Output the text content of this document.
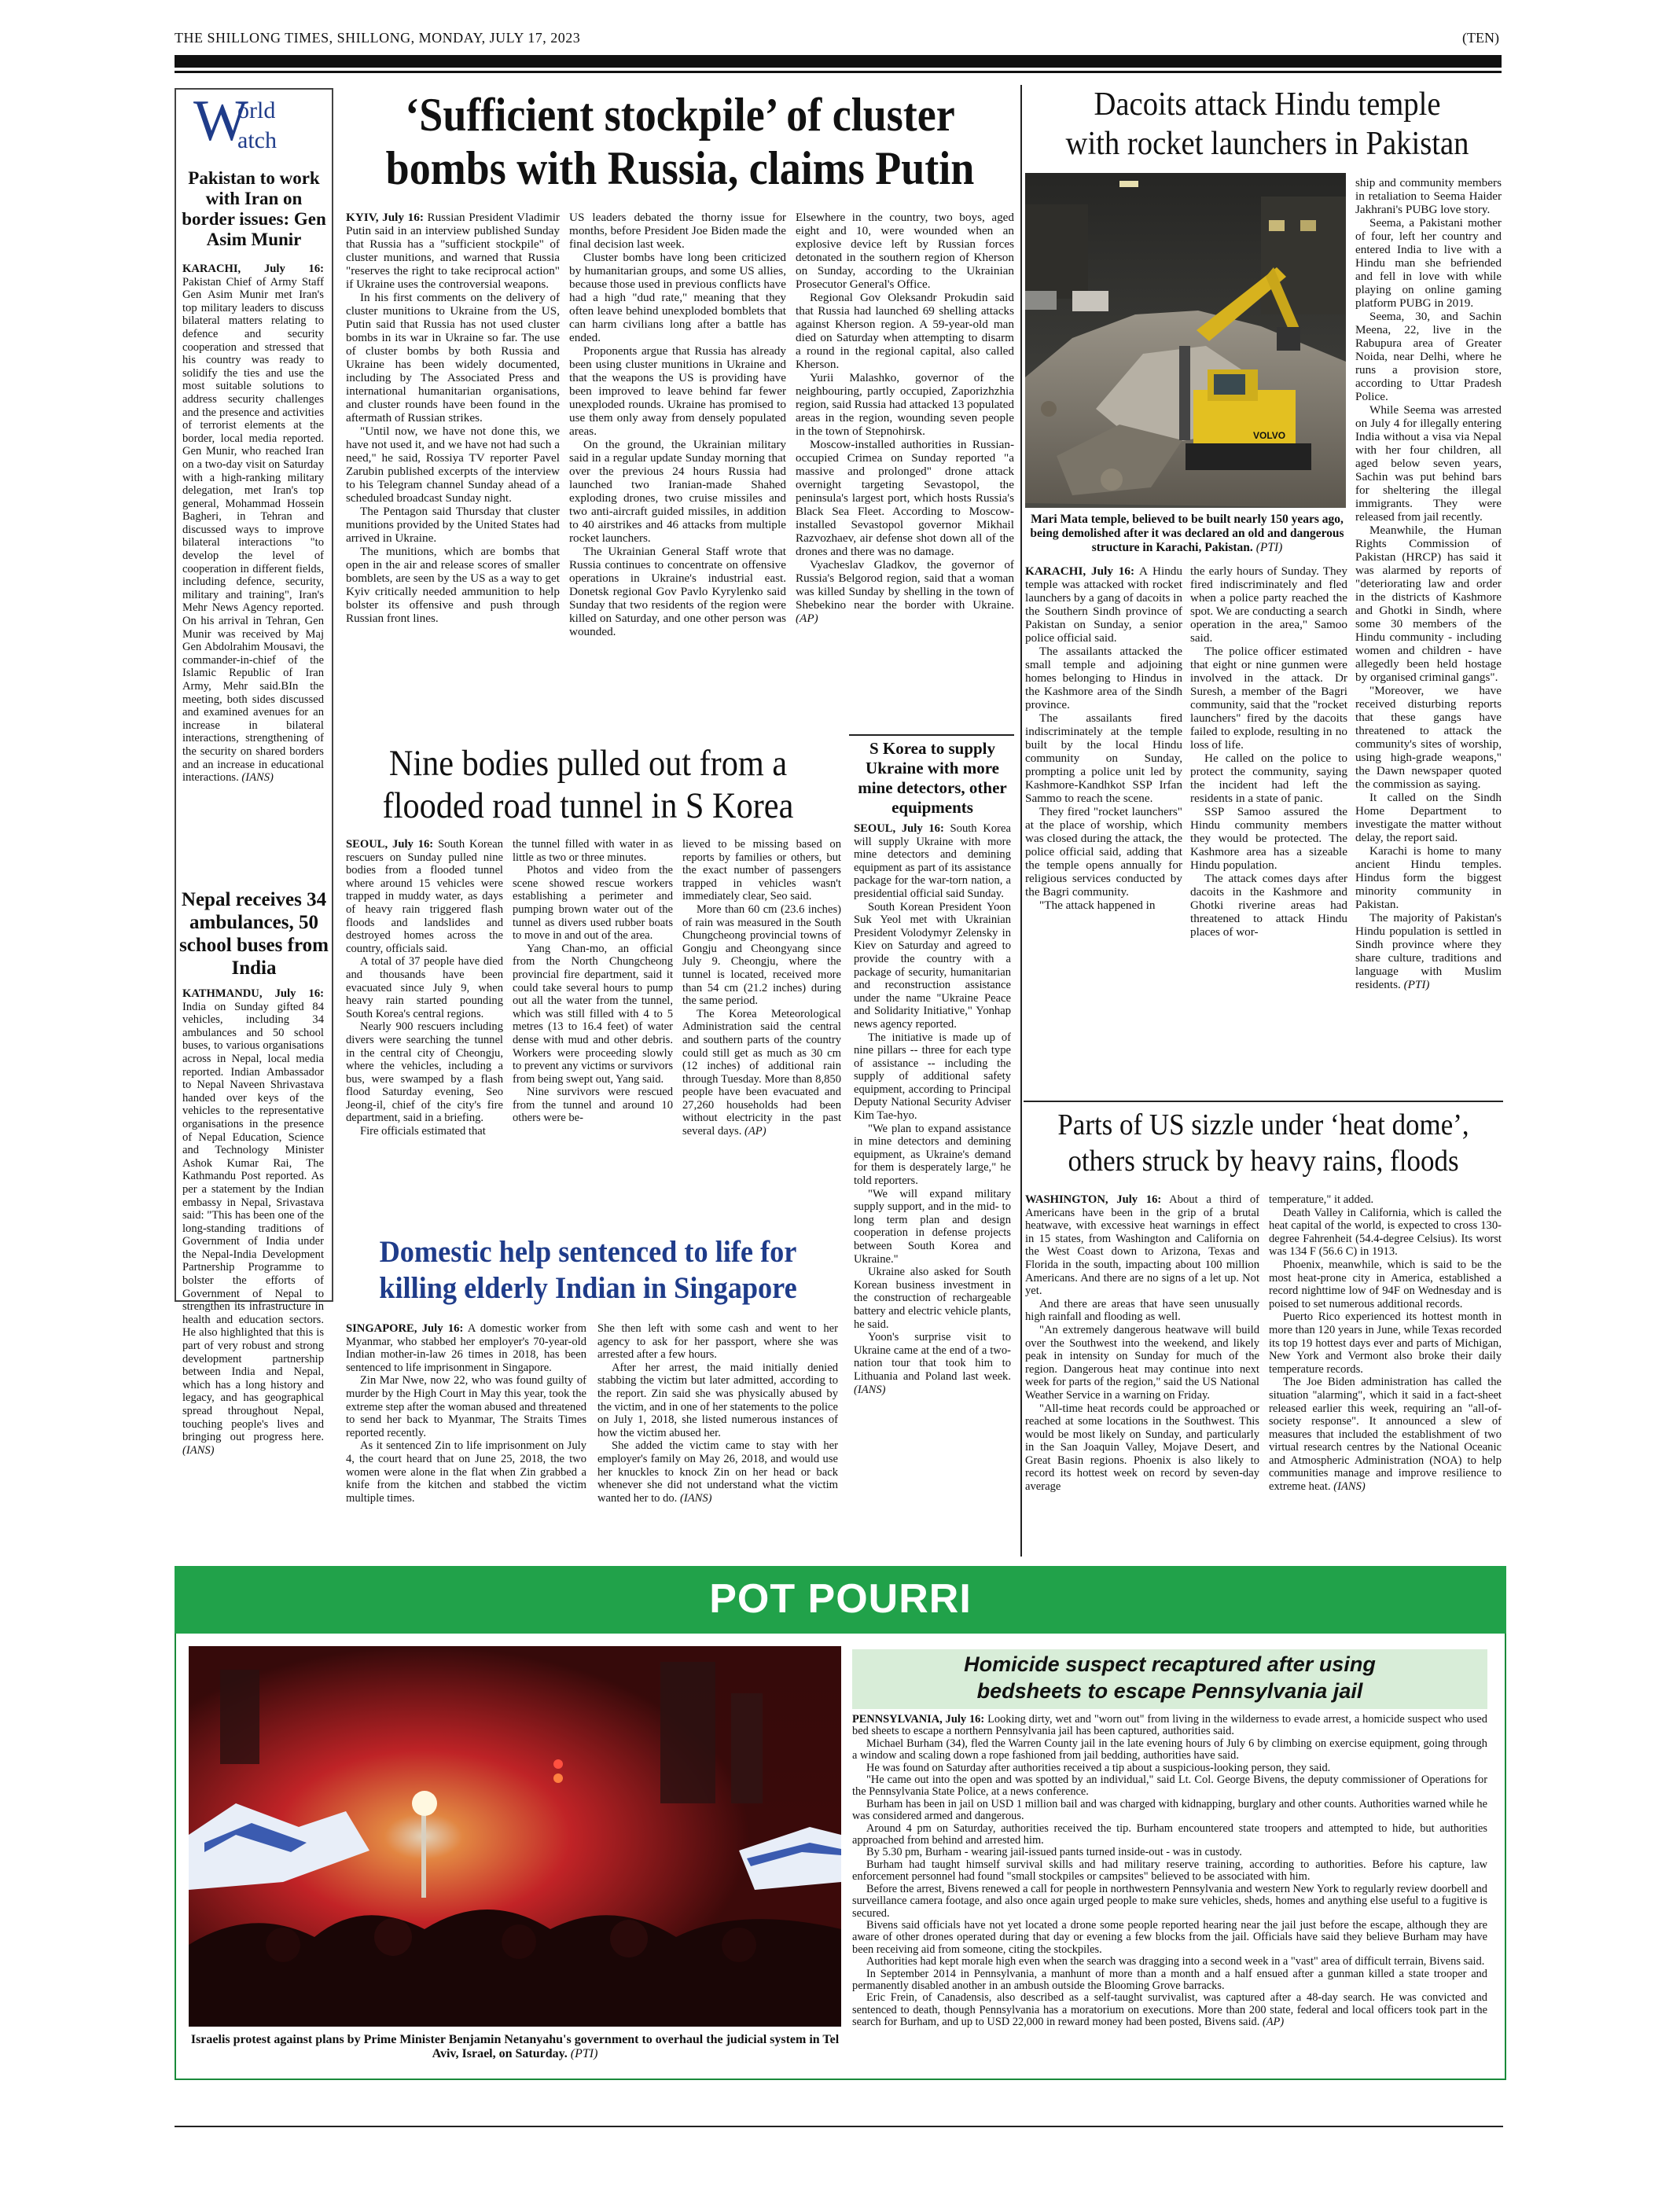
THE SHILLONG TIMES, SHILLONG, MONDAY, JULY 17, 2023	(TEN)
W
orld
atch
Pakistan to work with Iran on border issues: Gen Asim Munir

KARACHI, July 16: Pakistan Chief of Army Staff Gen Asim Munir met Iran's top military leaders to discuss bilateral matters relating to defence and security cooperation and stressed that his country was ready to solidify the ties and use the most suitable solutions to address security challenges and the presence and activities of terrorist elements at the border, local media reported. Gen Munir, who reached Iran on a two-day visit on Saturday with a high-ranking military delegation, met Iran's top general, Mohammad Hossein Bagheri, in Tehran and discussed ways to improve bilateral interactions "to develop the level of cooperation in different fields, including defence, security, military and training", Iran's Mehr News Agency reported. On his arrival in Tehran, Gen Munir was received by Maj Gen Abdolrahim Mousavi, the commander-in-chief of the Islamic Republic of Iran Army, Mehr said.BIn the meeting, both sides discussed and examined avenues for an increase in bilateral interactions, strengthening of the security on shared borders and an increase in educational interactions. (IANS)

Nepal receives 34 ambulances, 50 school buses from India

KATHMANDU, July 16: India on Sunday gifted 84 vehicles, including 34 ambulances and 50 school buses, to various organisations across in Nepal, local media reported. Indian Ambassador to Nepal Naveen Shrivastava handed over keys of the vehicles to the representative organisations in the presence of Nepal Education, Science and Technology Minister Ashok Kumar Rai, The Kathmandu Post reported. As per a statement by the Indian embassy in Nepal, Srivastava said: "This has been one of the long-standing traditions of Government of India under the Nepal-India Development Partnership Programme to bolster the efforts of Government of Nepal to strengthen its infrastructure in health and education sectors. He also highlighted that this is part of very robust and strong development partnership between India and Nepal, which has a long history and legacy, and has geographical spread throughout Nepal, touching people's lives and bringing out progress here. (IANS)

‘Sufficient stockpile’ of cluster
bombs with Russia, claims Putin

KYIV, July 16: Russian President Vladimir Putin said in an interview published Sunday that Russia has a "sufficient stockpile" of cluster munitions, and warned that Russia "reserves the right to take reciprocal action" if Ukraine uses the controversial weapons.

In his first comments on the delivery of cluster munitions to Ukraine from the US, Putin said that Russia has not used cluster bombs in its war in Ukraine so far. The use of cluster bombs by both Russia and Ukraine has been widely documented, including by The Associated Press and international humanitarian organisations, and cluster rounds have been found in the aftermath of Russian strikes.

"Until now, we have not done this, we have not used it, and we have not had such a need," he said, Rossiya TV reporter Pavel Zarubin published excerpts of the interview to his Telegram channel Sunday ahead of a scheduled broadcast Sunday night.

The Pentagon said Thursday that cluster munitions provided by the United States had arrived in Ukraine.

The munitions, which are bombs that open in the air and release scores of smaller bomblets, are seen by the US as a way to get Kyiv critically needed ammunition to help bolster its offensive and push through Russian front lines.

US leaders debated the thorny issue for months, before President Joe Biden made the final decision last week.

Cluster bombs have long been criticized by humanitarian groups, and some US allies, because those used in previous conflicts have had a high "dud rate," meaning that they often leave behind unexploded bomblets that can harm civilians long after a battle has ended.

Proponents argue that Russia has already been using cluster munitions in Ukraine and that the weapons the US is providing have been improved to leave behind far fewer unexploded rounds. Ukraine has promised to use them only away from densely populated areas.

On the ground, the Ukrainian military said in a regular update Sunday morning that over the previous 24 hours Russia had launched two Iranian-made Shahed exploding drones, two cruise missiles and two anti-aircraft guided missiles, in addition to 40 airstrikes and 46 attacks from multiple rocket launchers.

The Ukrainian General Staff wrote that Russia continues to concentrate on offensive operations in Ukraine's industrial east. Donetsk regional Gov Pavlo Kyrylenko said Sunday that two residents of the region were killed on Saturday, and one other person was wounded.

Elsewhere in the country, two boys, aged eight and 10, were wounded when an explosive device left by Russian forces detonated in the southern region of Kherson on Sunday, according to the Ukrainian Prosecutor General's Office.

Regional Gov Oleksandr Prokudin said that Russia had launched 69 shelling attacks against Kherson region. A 59-year-old man died on Saturday when attempting to disarm a round in the regional capital, also called Kherson.

Yurii Malashko, governor of the neighbouring, partly occupied, Zaporizhzhia region, said Russia had attacked 13 populated areas in the region, wounding seven people in the town of Stepnohirsk.

Moscow-installed authorities in Russian-occupied Crimea on Sunday reported "a massive and prolonged" drone attack overnight targeting Sevastopol, the peninsula's largest port, which hosts Russia's Black Sea Fleet. According to Moscow-installed Sevastopol governor Mikhail Razvozhaev, air defense shot down all of the drones and there was no damage.

Vyacheslav Gladkov, the governor of Russia's Belgorod region, said that a woman was killed Sunday by shelling in the town of Shebekino near the border with Ukraine. (AP)

Nine bodies pulled out from a
flooded road tunnel in S Korea

SEOUL, July 16: South Korean rescuers on Sunday pulled nine bodies from a flooded tunnel where around 15 vehicles were trapped in muddy water, as days of heavy rain triggered flash floods and landslides and destroyed homes across the country, officials said.

A total of 37 people have died and thousands have been evacuated since July 9, when heavy rain started pounding South Korea's central regions.

Nearly 900 rescuers including divers were searching the tunnel in the central city of Cheongju, where the vehicles, including a bus, were swamped by a flash flood Saturday evening, Seo Jeong-il, chief of the city's fire department, said in a briefing.

Fire officials estimated that

the tunnel filled with water in as little as two or three minutes.

Photos and video from the scene showed rescue workers establishing a perimeter and pumping brown water out of the tunnel as divers used rubber boats to move in and out of the area.

Yang Chan-mo, an official from the North Chungcheong provincial fire department, said it could take several hours to pump out all the water from the tunnel, which was still filled with 4 to 5 metres (13 to 16.4 feet) of water dense with mud and other debris. Workers were proceeding slowly to prevent any victims or survivors from being swept out, Yang said.

Nine survivors were rescued from the tunnel and around 10 others were be-

lieved to be missing based on reports by families or others, but the exact number of passengers trapped in vehicles wasn't immediately clear, Seo said.

More than 60 cm (23.6 inches) of rain was measured in the South Chungcheong provincial towns of Gongju and Cheongyang since July 9. Cheongju, where the tunnel is located, received more than 54 cm (21.2 inches) during the same period.

The Korea Meteorological Administration said the central and southern parts of the country could still get as much as 30 cm (12 inches) of additional rain through Tuesday. More than 8,850 people have been evacuated and 27,260 households had been without electricity in the past several days. (AP)

Domestic help sentenced to life for
killing elderly Indian in Singapore

SINGAPORE, July 16: A domestic worker from Myanmar, who stabbed her employer's 70-year-old Indian mother-in-law 26 times in 2018, has been sentenced to life imprisonment in Singapore.

Zin Mar Nwe, now 22, who was found guilty of murder by the High Court in May this year, took the extreme step after the woman abused and threatened to send her back to Myanmar, The Straits Times reported recently.

As it sentenced Zin to life imprisonment on July 4, the court heard that on June 25, 2018, the two women were alone in the flat when Zin grabbed a knife from the kitchen and stabbed the victim multiple times.

She then left with some cash and went to her agency to ask for her passport, where she was arrested after a few hours.

After her arrest, the maid initially denied stabbing the victim but later admitted, according to the report. Zin said she was physically abused by the victim, and in one of her statements to the police on July 1, 2018, she listed numerous instances of how the victim abused her.

She added the victim came to stay with her employer's family on May 26, 2018, and would use her knuckles to knock Zin on her head or back whenever she did not understand what the victim wanted her to do. (IANS)

S Korea to supply Ukraine with more mine detectors, other equipments

SEOUL, July 16: South Korea will supply Ukraine with more mine detectors and demining equipment as part of its assistance package for the war-torn nation, a presidential official said Sunday.

South Korean President Yoon Suk Yeol met with Ukrainian President Volodymyr Zelensky in Kiev on Saturday and agreed to provide the country with a package of security, humanitarian and reconstruction assistance under the name "Ukraine Peace and Solidarity Initiative," Yonhap news agency reported.

The initiative is made up of nine pillars -- three for each type of assistance -- including the supply of additional safety equipment, according to Principal Deputy National Security Adviser Kim Tae-hyo.

"We plan to expand assistance in mine detectors and demining equipment, as Ukraine's demand for them is desperately large," he told reporters.

"We will expand military supply support, and in the mid- to long term plan and design cooperation in defense projects between South Korea and Ukraine."

Ukraine also asked for South Korean business investment in the construction of rechargeable battery and electric vehicle plants, he said.

Yoon's surprise visit to Ukraine came at the end of a two-nation tour that took him to Lithuania and Poland last week. (IANS)

Dacoits attack Hindu temple
with rocket launchers in Pakistan
VOLVO
Mari Mata temple, believed to be built nearly 150 years ago, being demolished after it was declared an old and dangerous structure in Karachi, Pakistan. (PTI)

KARACHI, July 16: A Hindu temple was attacked with rocket launchers by a gang of dacoits in the Southern Sindh province of Pakistan on Sunday, a senior police official said.

The assailants attacked the small temple and adjoining homes belonging to Hindus in the Kashmore area of the Sindh province.

The assailants fired indiscriminately at the temple built by the local Hindu community on Sunday, prompting a police unit led by Kashmore-Kandhkot SSP Irfan Sammo to reach the scene.

They fired "rocket launchers" at the place of worship, which was closed during the attack, the police official said, adding that the temple opens annually for religious services conducted by the Bagri community.

"The attack happened in

the early hours of Sunday. They fired indiscriminately and fled when a police party reached the spot. We are conducting a search operation in the area," Samoo said.

The police officer estimated that eight or nine gunmen were involved in the attack. Dr Suresh, a member of the Bagri community, said that the "rocket launchers" fired by the dacoits failed to explode, resulting in no loss of life.

He called on the police to protect the community, saying the incident had left the residents in a state of panic.

SSP Samoo assured the Hindu community members they would be protected. The Kashmore area has a sizeable Hindu population.

The attack comes days after dacoits in the Kashmore and Ghotki riverine areas had threatened to attack Hindu places of wor-

ship and community members in retaliation to Seema Haider Jakhrani's PUBG love story.

Seema, a Pakistani mother of four, left her country and entered India to live with a Hindu man she befriended and fell in love with while playing on online gaming platform PUBG in 2019.

Seema, 30, and Sachin Meena, 22, live in the Rabupura area of Greater Noida, near Delhi, where he runs a provision store, according to Uttar Pradesh Police.

While Seema was arrested on July 4 for illegally entering India without a visa via Nepal with her four children, all aged below seven years, Sachin was put behind bars for sheltering the illegal immigrants. They were released from jail recently.

Meanwhile, the Human Rights Commission of Pakistan (HRCP) has said it was alarmed by reports of "deteriorating law and order in the districts of Kashmore and Ghotki in Sindh, where some 30 members of the Hindu community - including women and children - have allegedly been held hostage by organised criminal gangs".

"Moreover, we have received disturbing reports that these gangs have threatened to attack the community's sites of worship, using high-grade weapons," the Dawn newspaper quoted the commission as saying.

It called on the Sindh Home Department to investigate the matter without delay, the report said.

Karachi is home to many ancient Hindu temples. Hindus form the biggest minority community in Pakistan.

The majority of Pakistan's Hindu population is settled in Sindh province where they share culture, traditions and language with Muslim residents. (PTI)

Parts of US sizzle under ‘heat dome’,
others struck by heavy rains, floods

WASHINGTON, July 16: About a third of Americans have been in the grip of a brutal heatwave, with excessive heat warnings in effect in 15 states, from Washington and California on the West Coast down to Arizona, Texas and Florida in the south, impacting about 100 million Americans. And there are no signs of a let up. Not yet.

And there are areas that have seen unusually high rainfall and flooding as well.

"An extremely dangerous heatwave will build over the Southwest into the weekend, and likely peak in intensity on Sunday for much of the region. Dangerous heat may continue into next week for parts of the region," said the US National Weather Service in a warning on Friday.

"All-time heat records could be approached or reached at some locations in the Southwest. This would be most likely on Sunday, and particularly in the San Joaquin Valley, Mojave Desert, and Great Basin regions. Phoenix is also likely to record its hottest week on record by seven-day average

temperature," it added.

Death Valley in California, which is called the heat capital of the world, is expected to cross 130-degree Fahrenheit (54.4-degree Celsius). Its worst was 134 F (56.6 C) in 1913.

Phoenix, meanwhile, which is said to be the most heat-prone city in America, established a record nighttime low of 94F on Wednesday and is poised to set numerous additional records.

Puerto Rico experienced its hottest month in more than 120 years in June, while Texas recorded its top 19 hottest days ever and parts of Michigan, New York and Vermont also broke their daily temperature records.

The Joe Biden administration has called the situation "alarming", which it said in a fact-sheet released earlier this week, requiring an "all-of-society response". It announced a slew of measures that included the establishment of two virtual research centres by the National Oceanic and Atmospheric Administration (NOA) to help communities manage and improve resilience to extreme heat. (IANS)

POT POURRI
Israelis protest against plans by Prime Minister Benjamin Netanyahu's government to overhaul the judicial system in Tel Aviv, Israel, on Saturday. (PTI)
Homicide suspect recaptured after using
bedsheets to escape Pennsylvania jail

PENNSYLVANIA, July 16: Looking dirty, wet and "worn out" from living in the wilderness to evade arrest, a homicide suspect who used bed sheets to escape a northern Pennsylvania jail has been captured, authorities said.

Michael Burham (34), fled the Warren County jail in the late evening hours of July 6 by climbing on exercise equipment, going through a window and scaling down a rope fashioned from jail bedding, authorities have said.

He was found on Saturday after authorities received a tip about a suspicious-looking person, they said.

"He came out into the open and was spotted by an individual," said Lt. Col. George Bivens, the deputy commissioner of Operations for the Pennsylvania State Police, at a news conference.

Burham has been in jail on USD 1 million bail and was charged with kidnapping, burglary and other counts. Authorities warned while he was considered armed and dangerous.

Around 4 pm on Saturday, authorities received the tip. Burham encountered state troopers and attempted to hide, but authorities approached from behind and arrested him.

By 5.30 pm, Burham - wearing jail-issued pants turned inside-out - was in custody.

Burham had taught himself survival skills and had military reserve training, according to authorities. Before his capture, law enforcement personnel had found "small stockpiles or campsites" believed to be associated with him.

Before the arrest, Bivens renewed a call for people in northwestern Pennsylvania and western New York to regularly review doorbell and surveillance camera footage, and also once again urged people to make sure vehicles, sheds, homes and anything else useful to a fugitive is secured.

Bivens said officials have not yet located a drone some people reported hearing near the jail just before the escape, although they are aware of other drones operated during that day or evening a few blocks from the jail. Officials have said they believe Burham may have been receiving aid from someone, citing the stockpiles.

Authorities had kept morale high even when the search was dragging into a second week in a "vast" area of difficult terrain, Bivens said.

In September 2014 in Pennsylvania, a manhunt of more than a month and a half ensued after a gunman killed a state trooper and permanently disabled another in an ambush outside the Blooming Grove barracks.

Eric Frein, of Canadensis, also described as a self-taught survivalist, was captured after a 48-day search. He was convicted and sentenced to death, though Pennsylvania has a moratorium on executions. More than 200 state, federal and local officers took part in the search for Burham, and up to USD 22,000 in reward money had been posted, Bivens said. (AP)
